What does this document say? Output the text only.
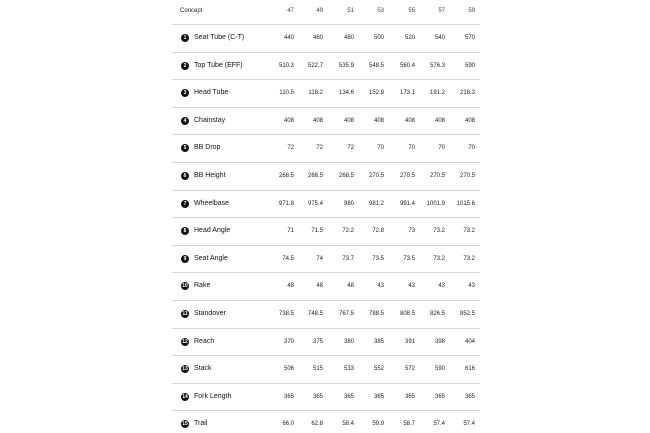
Concept	47	49	51	53	55	57	59
1	Seat Tube (C-T)	440	460	480	500	520	540	570
2	Top Tube (EFF)	510.3	522.7	535.9	548.5	560.4	576.3	590
3	Head Tube	110.5	118.2	134.6	152.9	173.1	191.2	218.3
4	Chainstay	408	408	408	408	408	408	408
5	BB Drop	72	72	72	70	70	70	70
6	BB Height	268.5	268.5	268.5	270.5	270.5	270.5	270.5
7	Wheelbase	971.8	975.4	980	981.2	991.4	1001.9	1015.6
8	Head Angle	71	71.5	72.2	72.8	73	73.2	73.2
9	Seat Angle	74.5	74	73.7	73.5	73.5	73.2	73.2
10 Rake	48	48	48	43	43	43	43
11 Standover	738.5	748.5	767.5	788.5	808.5	826.5	852.5
12 Reach	370	375	380	385	391	398	404
13 Stack	506	515	533	552	572	590	616
14 Fork Length	365	365	365	365	365	365	365
15 Trail	66.0	62.8	58.4	59.9	58.7	57.4	57.4
